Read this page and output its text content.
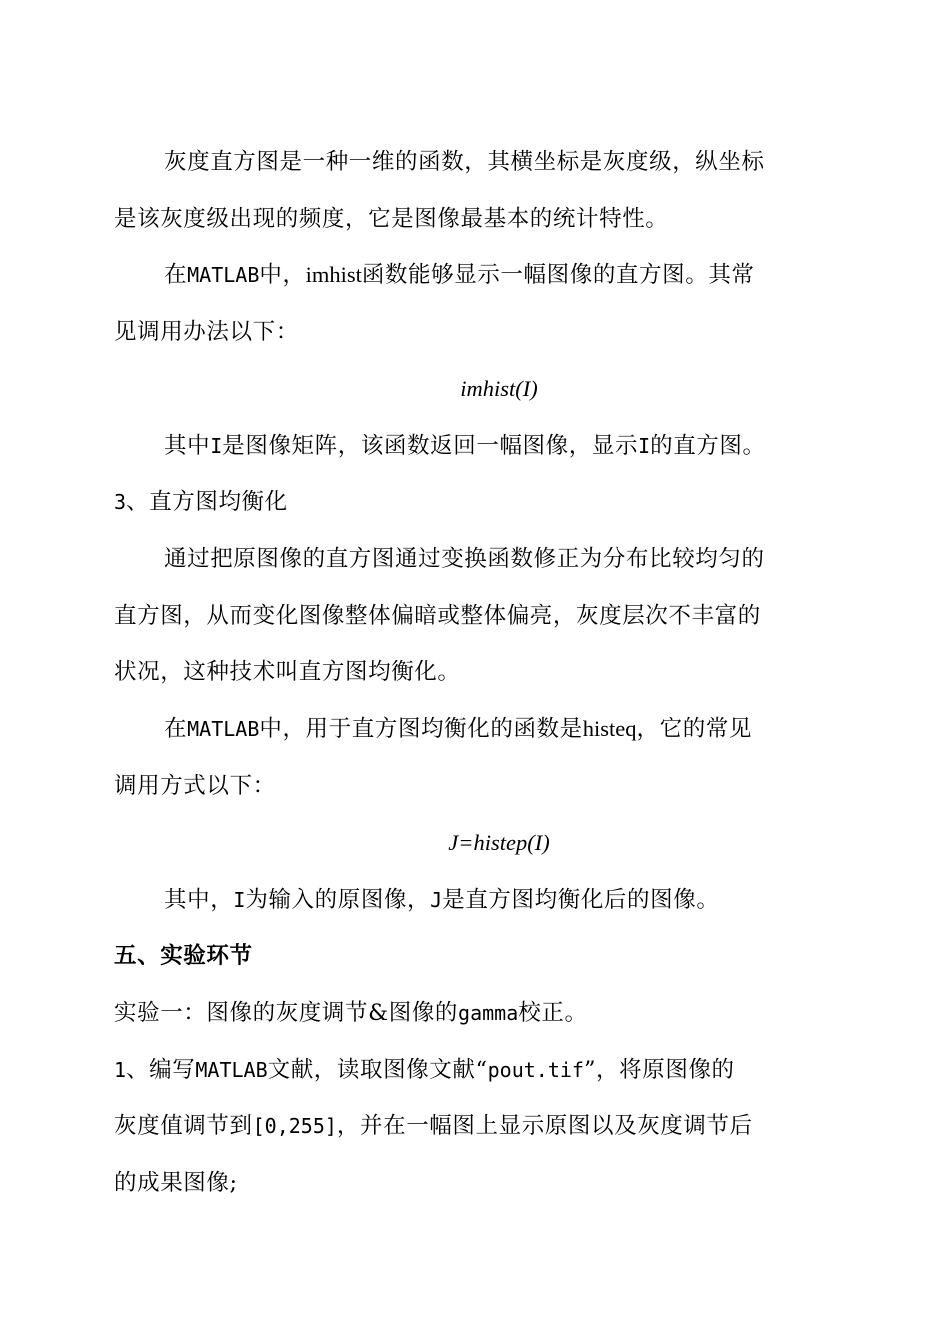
灰度直方图是一种一维的函数，其横坐标是灰度级，纵坐标
是该灰度级出现的频度，它是图像最基本的统计特性。
在MATLAB中，imhist函数能够显示一幅图像的直方图。其常
见调用办法以下：
imhist(I)
其中I是图像矩阵，该函数返回一幅图像，显示I的直方图。
3、直方图均衡化
通过把原图像的直方图通过变换函数修正为分布比较均匀的
直方图，从而变化图像整体偏暗或整体偏亮，灰度层次不丰富的
状况，这种技术叫直方图均衡化。
在MATLAB中，用于直方图均衡化的函数是histeq，它的常见
调用方式以下：
J=histep(I)
其中，I为输入的原图像，J是直方图均衡化后的图像。
五、实验环节
实验一：图像的灰度调节&图像的gamma校正。
1、编写MATLAB文献，读取图像文献“pout.tif”，将原图像的
灰度值调节到[0,255]，并在一幅图上显示原图以及灰度调节后
的成果图像;
